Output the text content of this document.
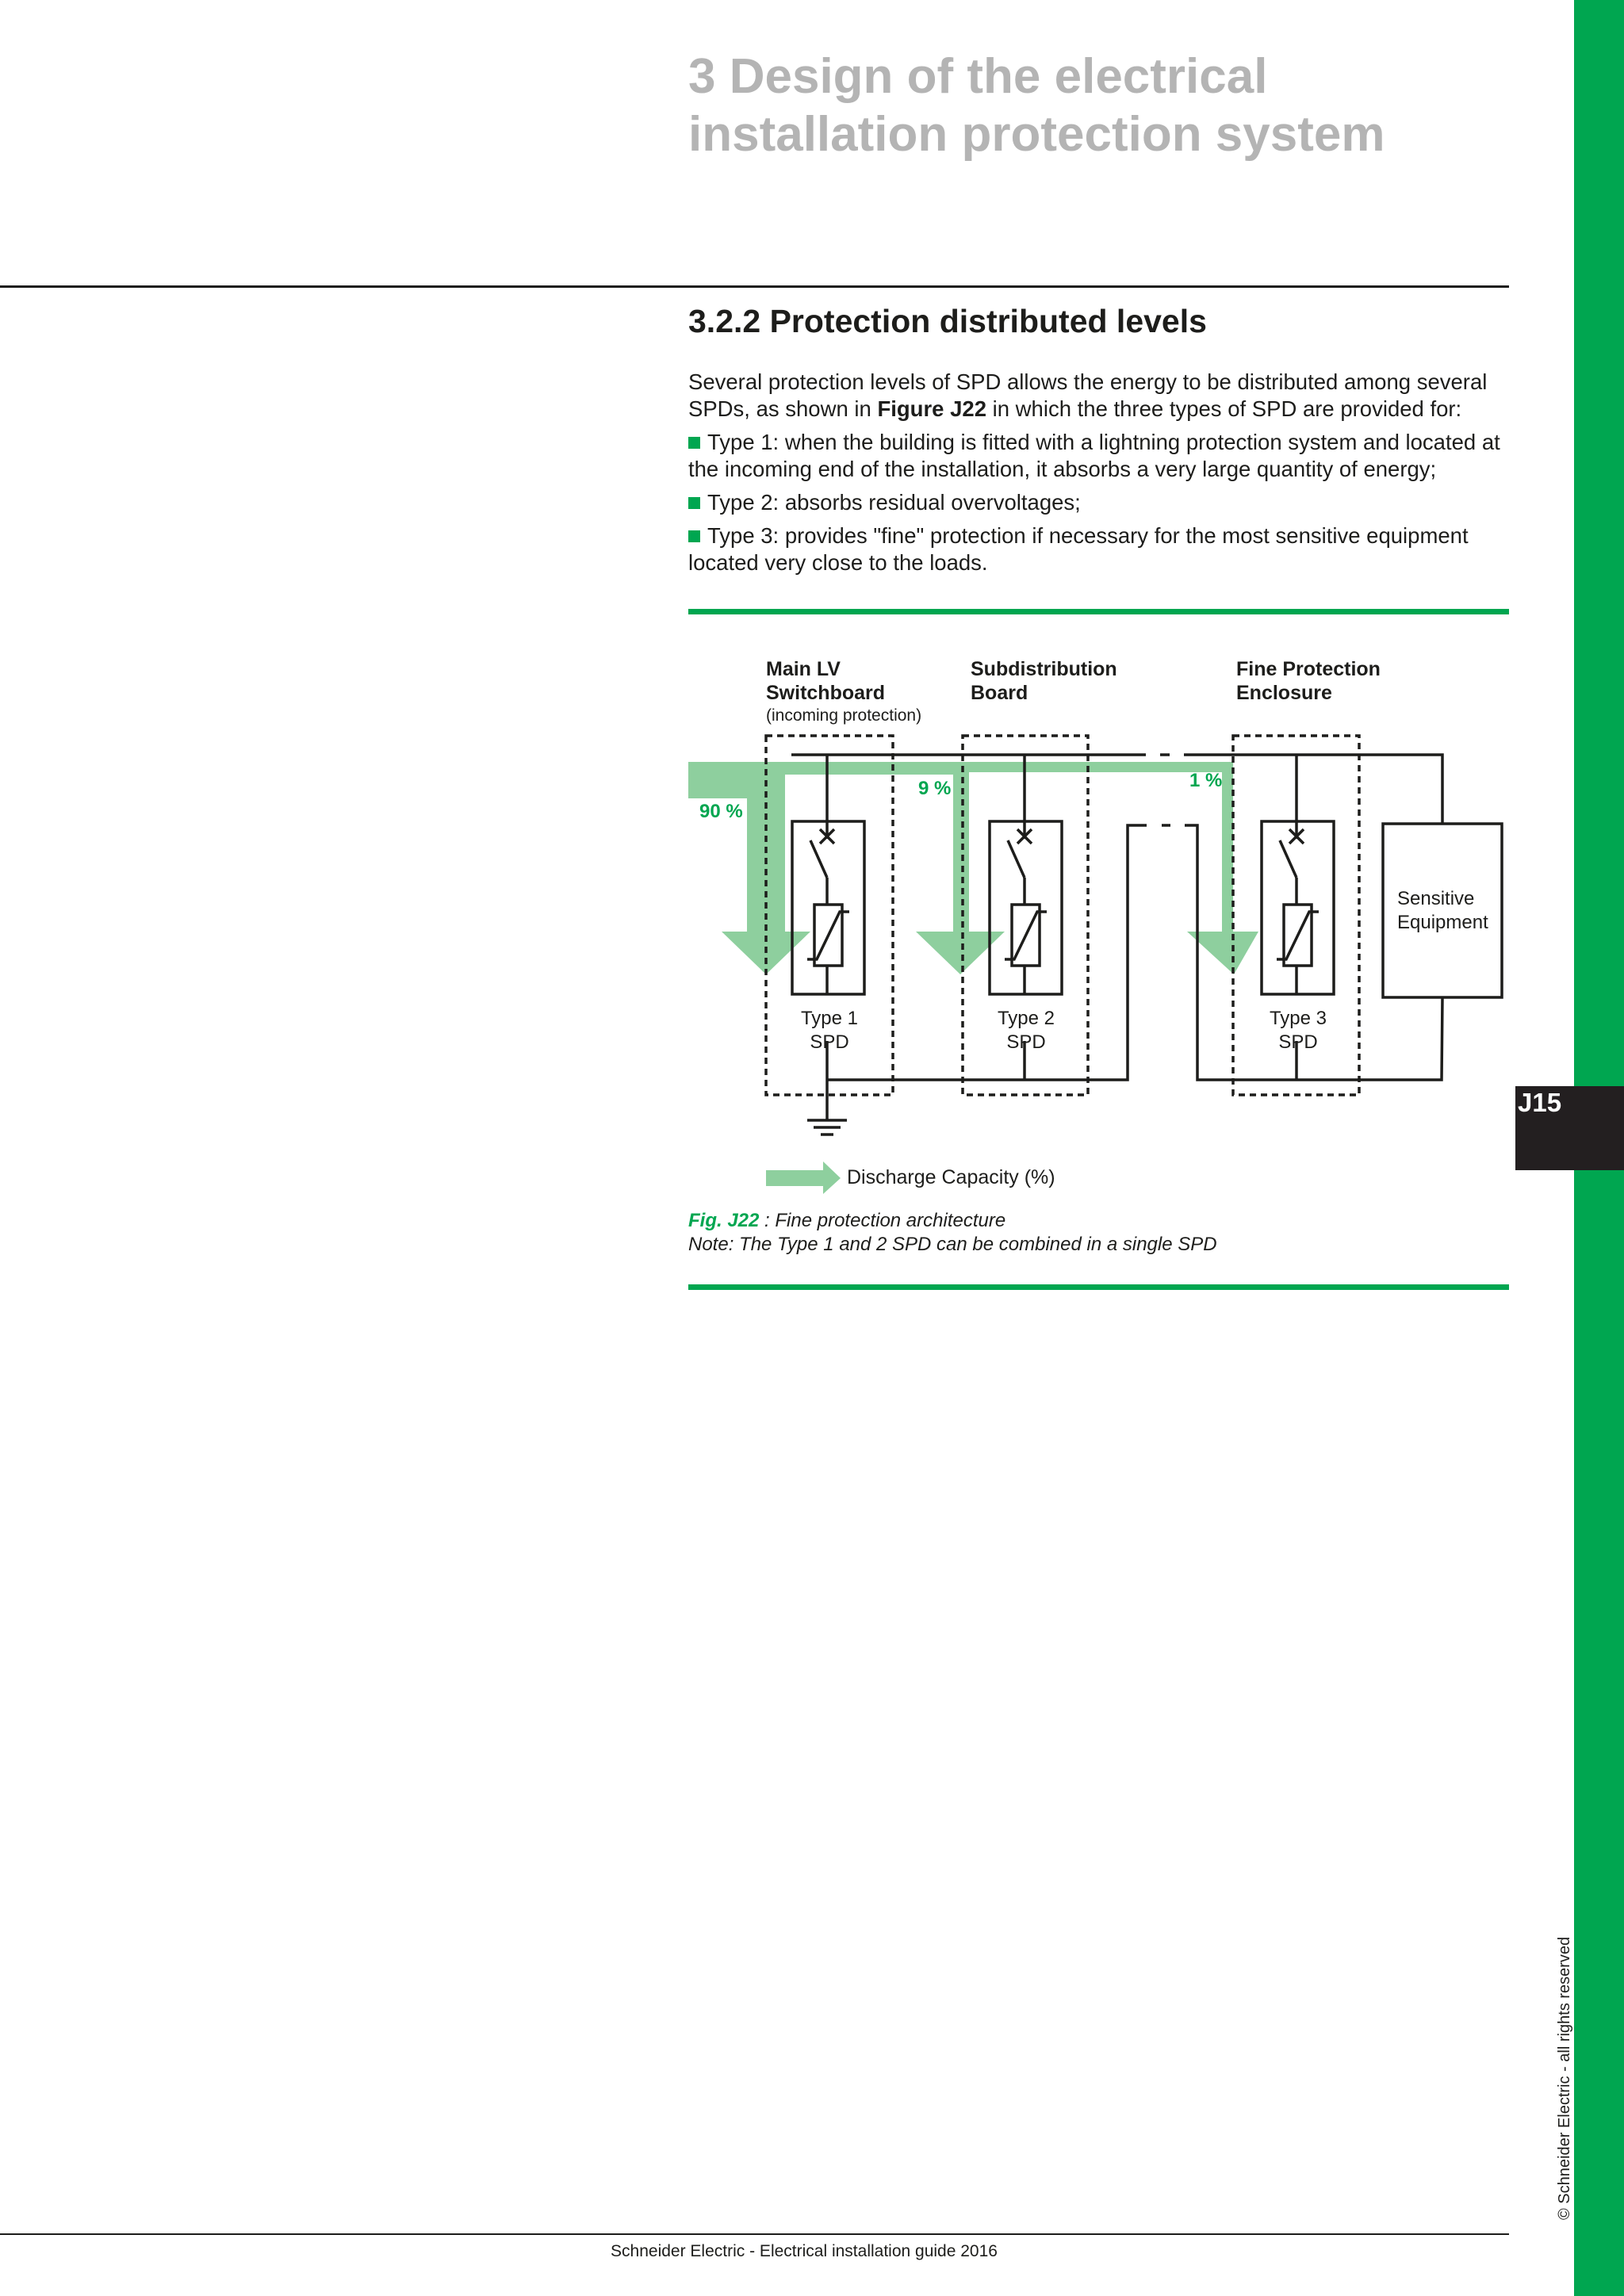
J15
© Schneider Electric - all rights reserved
3 Design of the electrical
installation protection system
3.2.2 Protection distributed levels

Several protection levels of SPD allows the energy to be distributed among several SPDs, as shown in Figure J22 in which the three types of SPD are provided for:

Type 1: when the building is fitted with a lightning protection system and located at the incoming end of the installation, it absorbs a very large quantity of energy;

Type 2: absorbs residual overvoltages;

Type 3: provides "fine" protection if necessary for the most sensitive equipment located very close to the loads.

Main LV
Switchboard
(incoming protection)
Subdistribution
Board
Fine Protection
Enclosure
90 %
9 %	1 %
Type 1
SPD
Type 2
SPD
Type 3
SPD
Sensitive
Equipment
Discharge Capacity (%)
Fig. J22 : Fine protection architecture
Note: The Type 1 and 2 SPD can be combined in a single SPD
Schneider Electric - Electrical installation guide 2016
